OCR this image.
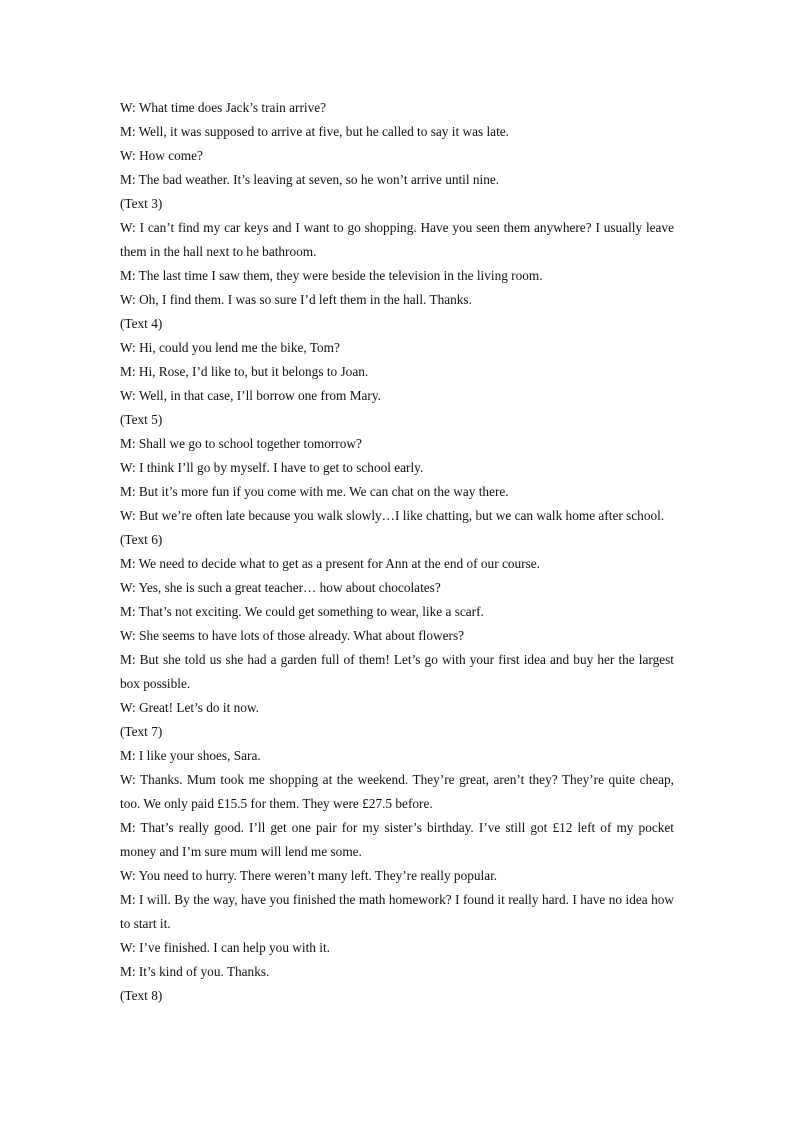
W: What time does Jack’s train arrive?

M: Well, it was supposed to arrive at five, but he called to say it was late.

W: How come?

M: The bad weather. It’s leaving at seven, so he won’t arrive until nine.

(Text 3)

W: I can’t find my car keys and I want to go shopping. Have you seen them anywhere? I usually leave them in the hall next to he bathroom.

M: The last time I saw them, they were beside the television in the living room.

W: Oh, I find them. I was so sure I’d left them in the hall. Thanks.

(Text 4)

W: Hi, could you lend me the bike, Tom?

M: Hi, Rose, I’d like to, but it belongs to Joan.

W: Well, in that case, I’ll borrow one from Mary.

(Text 5)

M: Shall we go to school together tomorrow?

W: I think I’ll go by myself. I have to get to school early.

M: But it’s more fun if you come with me. We can chat on the way there.

W: But we’re often late because you walk slowly…I like chatting, but we can walk home after school.

(Text 6)

M: We need to decide what to get as a present for Ann at the end of our course.

W: Yes, she is such a great teacher… how about chocolates?

M: That’s not exciting. We could get something to wear, like a scarf.

W: She seems to have lots of those already. What about flowers?

M: But she told us she had a garden full of them! Let’s go with your first idea and buy her the largest box possible.

W: Great! Let’s do it now.

(Text 7)

M: I like your shoes, Sara.

W: Thanks. Mum took me shopping at the weekend. They’re great, aren’t they? They’re quite cheap, too. We only paid £15.5 for them. They were £27.5 before.

M: That’s really good. I’ll get one pair for my sister’s birthday. I’ve still got £12 left of my pocket money and I’m sure mum will lend me some.

W: You need to hurry. There weren’t many left. They’re really popular.

M: I will. By the way, have you finished the math homework? I found it really hard. I have no idea how to start it.

W: I’ve finished. I can help you with it.

M: It’s kind of you. Thanks.

(Text 8)
